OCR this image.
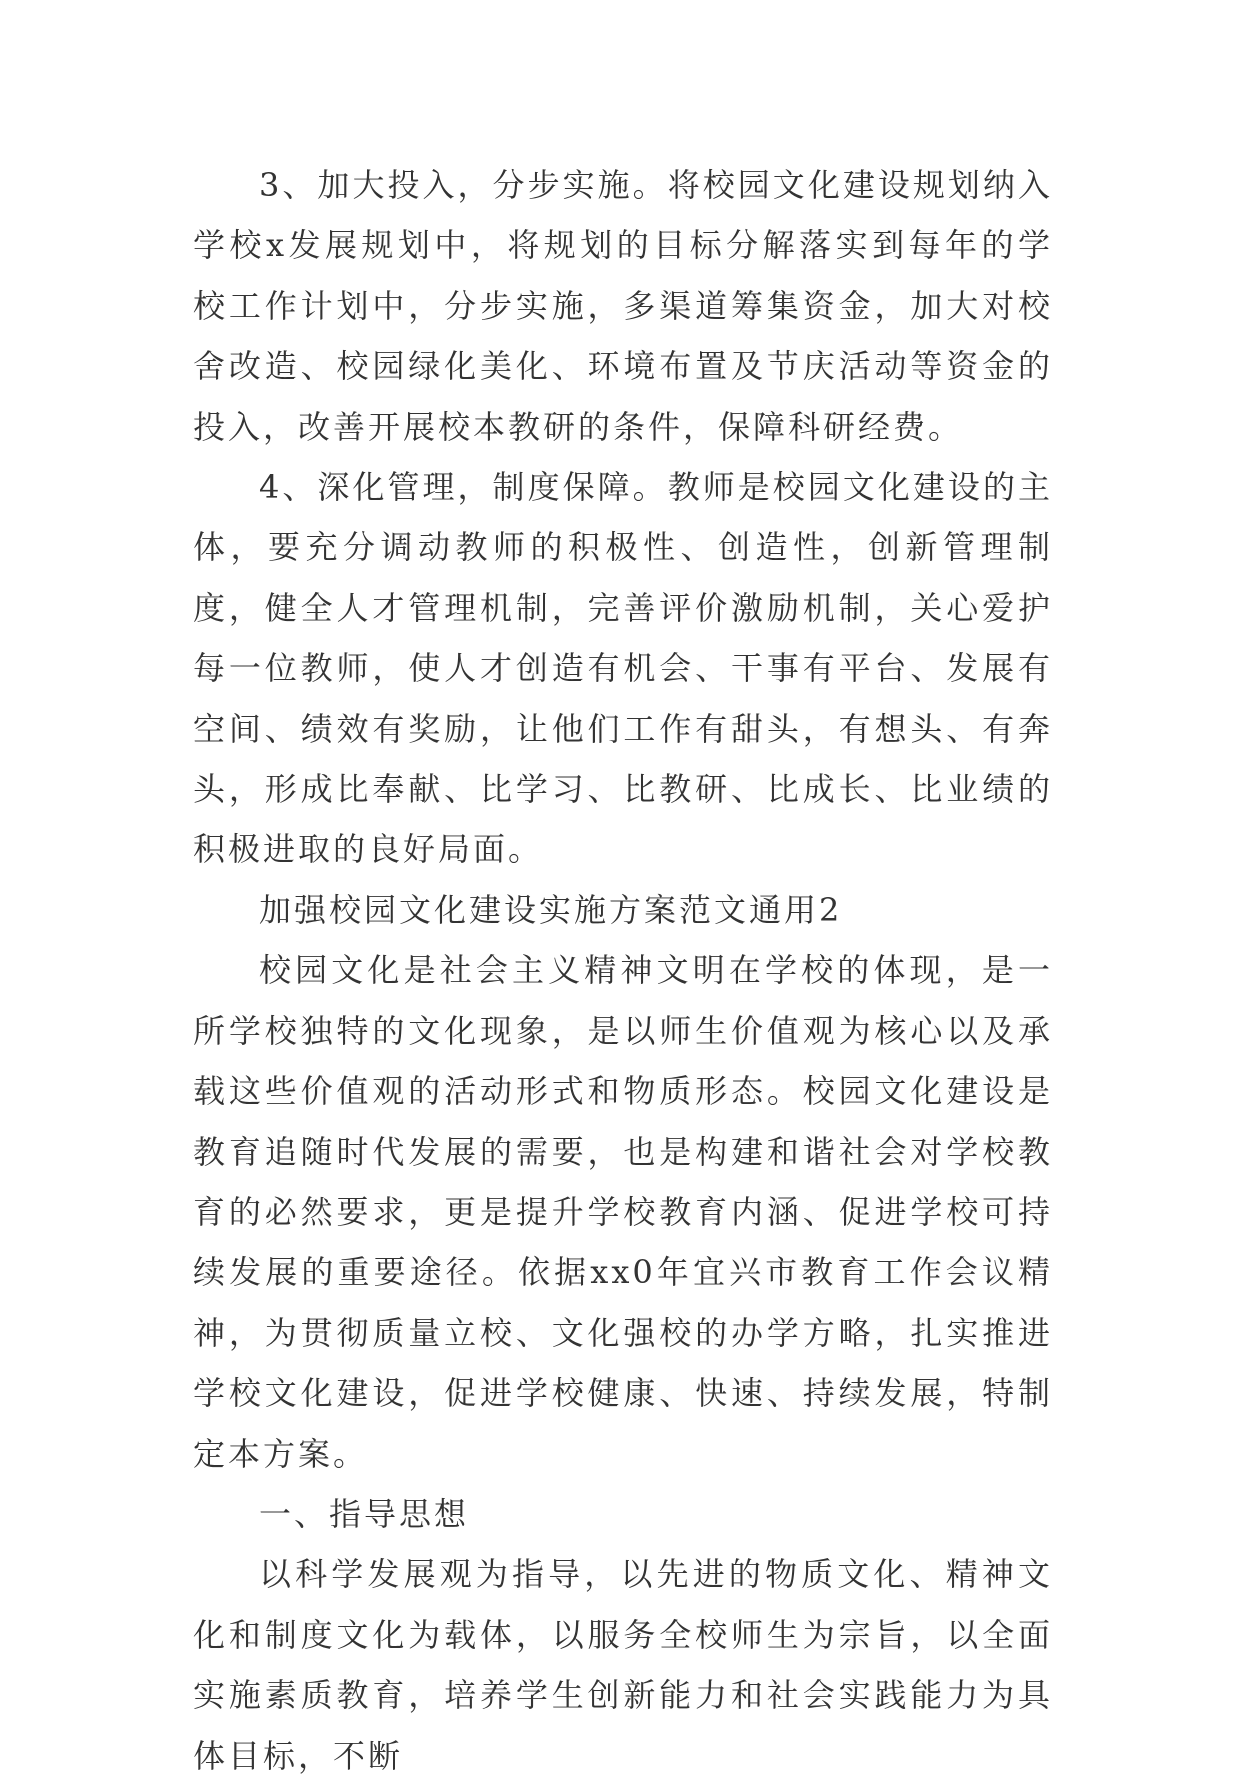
3、加大投入，分步实施。将校园文化建设规划纳入学校x发展规划中，将规划的目标分解落实到每年的学校工作计划中，分步实施，多渠道筹集资金，加大对校舍改造、校园绿化美化、环境布置及节庆活动等资金的投入，改善开展校本教研的条件，保障科研经费。

4、深化管理，制度保障。教师是校园文化建设的主体，要充分调动教师的积极性、创造性，创新管理制度，健全人才管理机制，完善评价激励机制，关心爱护每一位教师，使人才创造有机会、干事有平台、发展有空间、绩效有奖励，让他们工作有甜头，有想头、有奔头，形成比奉献、比学习、比教研、比成长、比业绩的积极进取的良好局面。

加强校园文化建设实施方案范文通用2

校园文化是社会主义精神文明在学校的体现，是一所学校独特的文化现象，是以师生价值观为核心以及承载这些价值观的活动形式和物质形态。校园文化建设是教育追随时代发展的需要，也是构建和谐社会对学校教育的必然要求，更是提升学校教育内涵、促进学校可持续发展的重要途径。依据xx0年宜兴市教育工作会议精神，为贯彻质量立校、文化强校的办学方略，扎实推进学校文化建设，促进学校健康、快速、持续发展，特制定本方案。

一、指导思想

以科学发展观为指导，以先进的物质文化、精神文化和制度文化为载体，以服务全校师生为宗旨，以全面实施素质教育，培养学生创新能力和社会实践能力为具体目标，不断
